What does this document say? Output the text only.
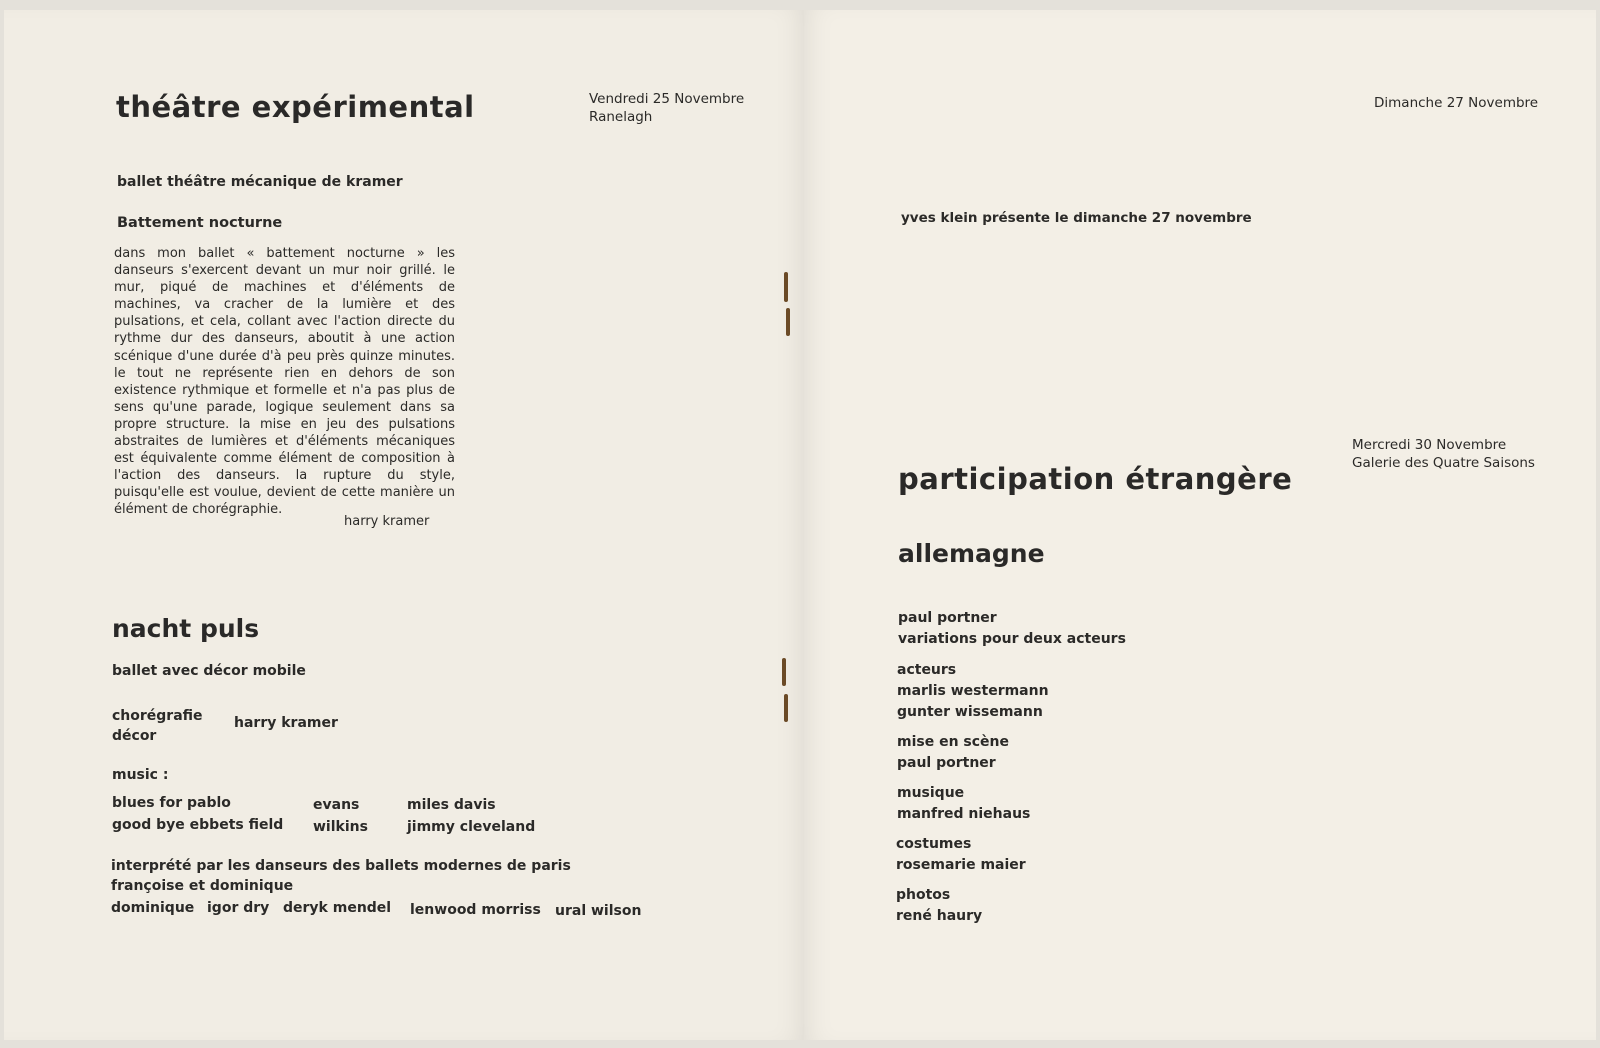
théâtre expérimental	Vendredi 25 Novembre
Ranelagh
ballet théâtre mécanique de kramer
Battement nocturne
dans mon ballet « battement nocturne » les danseurs s'exercent devant un mur noir grillé. le mur, piqué de machines et d'éléments de machines, va cracher de la lumière et des pulsations, et cela, collant avec l'action directe du rythme dur des danseurs, aboutit à une action scénique d'une durée d'à peu près quinze minutes. le tout ne représente rien en dehors de son existence rythmique et formelle et n'a pas plus de sens qu'une parade, logique seulement dans sa propre structure. la mise en jeu des pulsations abstraites de lumières et d'éléments mécaniques est équivalente comme élément de composition à l'action des danseurs. la rupture du style, puisqu'elle est voulue, devient de cette manière un élément de chorégraphie.
harry kramer
nacht puls
ballet avec décor mobile
chorégrafie
décor
harry kramer
music :
blues for pablo
good bye ebbets field
evans
wilkins
miles davis
jimmy cleveland
interprété par les danseurs des ballets modernes de paris
françoise et dominique
dominique igor dry deryk mendel lenwood morriss ural wilson
Dimanche 27 Novembre
yves klein présente le dimanche 27 novembre
Mercredi 30 Novembre
Galerie des Quatre Saisons
participation étrangère
allemagne
paul portner
variations pour deux acteurs
acteurs
marlis westermann
gunter wissemann
mise en scène
paul portner
musique
manfred niehaus
costumes
rosemarie maier
photos
rené haury
